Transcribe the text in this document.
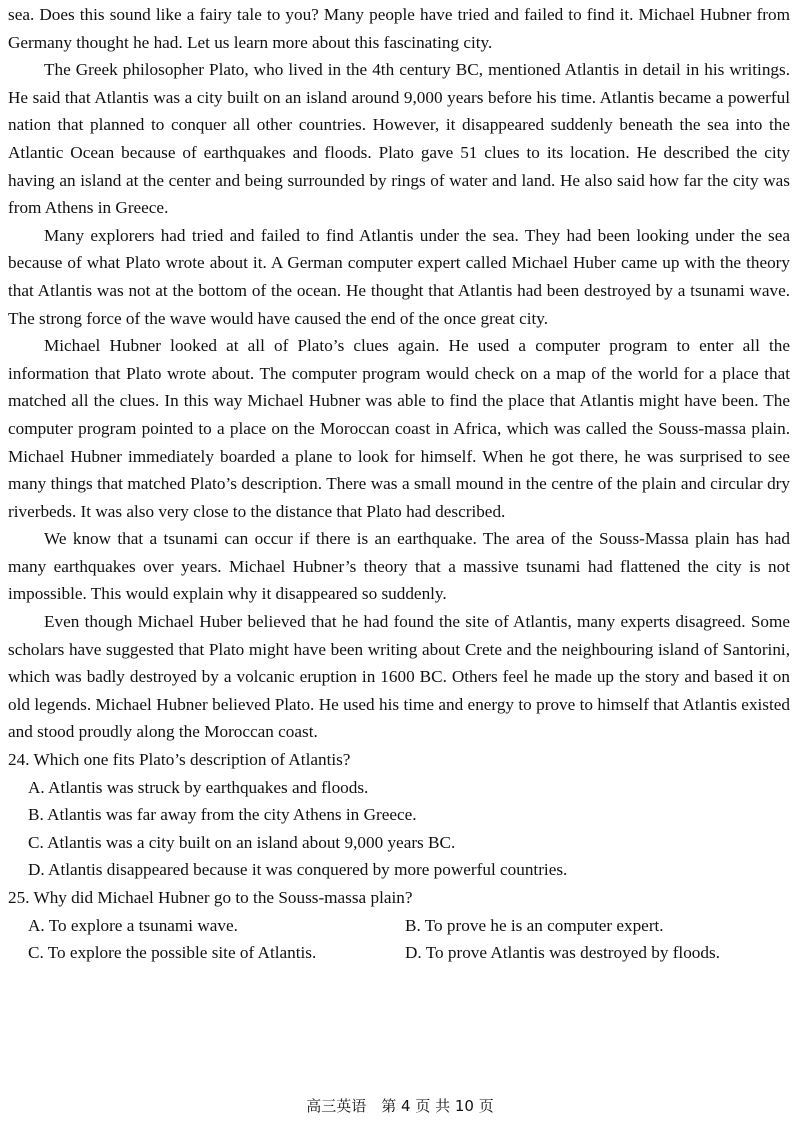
sea. Does this sound like a fairy tale to you? Many people have tried and failed to find it. Michael Hubner from Germany thought he had. Let us learn more about this fascinating city.

The Greek philosopher Plato, who lived in the 4th century BC, mentioned Atlantis in detail in his writings. He said that Atlantis was a city built on an island around 9,000 years before his time. Atlantis became a powerful nation that planned to conquer all other countries. However, it disappeared suddenly beneath the sea into the Atlantic Ocean because of earthquakes and floods. Plato gave 51 clues to its location. He described the city having an island at the center and being surrounded by rings of water and land. He also said how far the city was from Athens in Greece.

Many explorers had tried and failed to find Atlantis under the sea. They had been looking under the sea because of what Plato wrote about it. A German computer expert called Michael Huber came up with the theory that Atlantis was not at the bottom of the ocean. He thought that Atlantis had been destroyed by a tsunami wave. The strong force of the wave would have caused the end of the once great city.

Michael Hubner looked at all of Plato’s clues again. He used a computer program to enter all the information that Plato wrote about. The computer program would check on a map of the world for a place that matched all the clues. In this way Michael Hubner was able to find the place that Atlantis might have been. The computer program pointed to a place on the Moroccan coast in Africa, which was called the Souss-massa plain. Michael Hubner immediately boarded a plane to look for himself. When he got there, he was surprised to see many things that matched Plato’s description. There was a small mound in the centre of the plain and circular dry riverbeds. It was also very close to the distance that Plato had described.

We know that a tsunami can occur if there is an earthquake. The area of the Souss-Massa plain has had many earthquakes over years. Michael Hubner’s theory that a massive tsunami had flattened the city is not impossible. This would explain why it disappeared so suddenly.

Even though Michael Huber believed that he had found the site of Atlantis, many experts disagreed. Some scholars have suggested that Plato might have been writing about Crete and the neighbouring island of Santorini, which was badly destroyed by a volcanic eruption in 1600 BC. Others feel he made up the story and based it on old legends. Michael Hubner believed Plato. He used his time and energy to prove to himself that Atlantis existed and stood proudly along the Moroccan coast.

24. Which one fits Plato’s description of Atlantis?

A. Atlantis was struck by earthquakes and floods.

B. Atlantis was far away from the city Athens in Greece.

C. Atlantis was a city built on an island about 9,000 years BC.

D. Atlantis disappeared because it was conquered by more powerful countries.

25. Why did Michael Hubner go to the Souss-massa plain?

A. To explore a tsunami wave.	B. To prove he is an computer expert.
C. To explore the possible site of Atlantis.	D. To prove Atlantis was destroyed by floods.
高三英语　第 4 页 共 10 页
